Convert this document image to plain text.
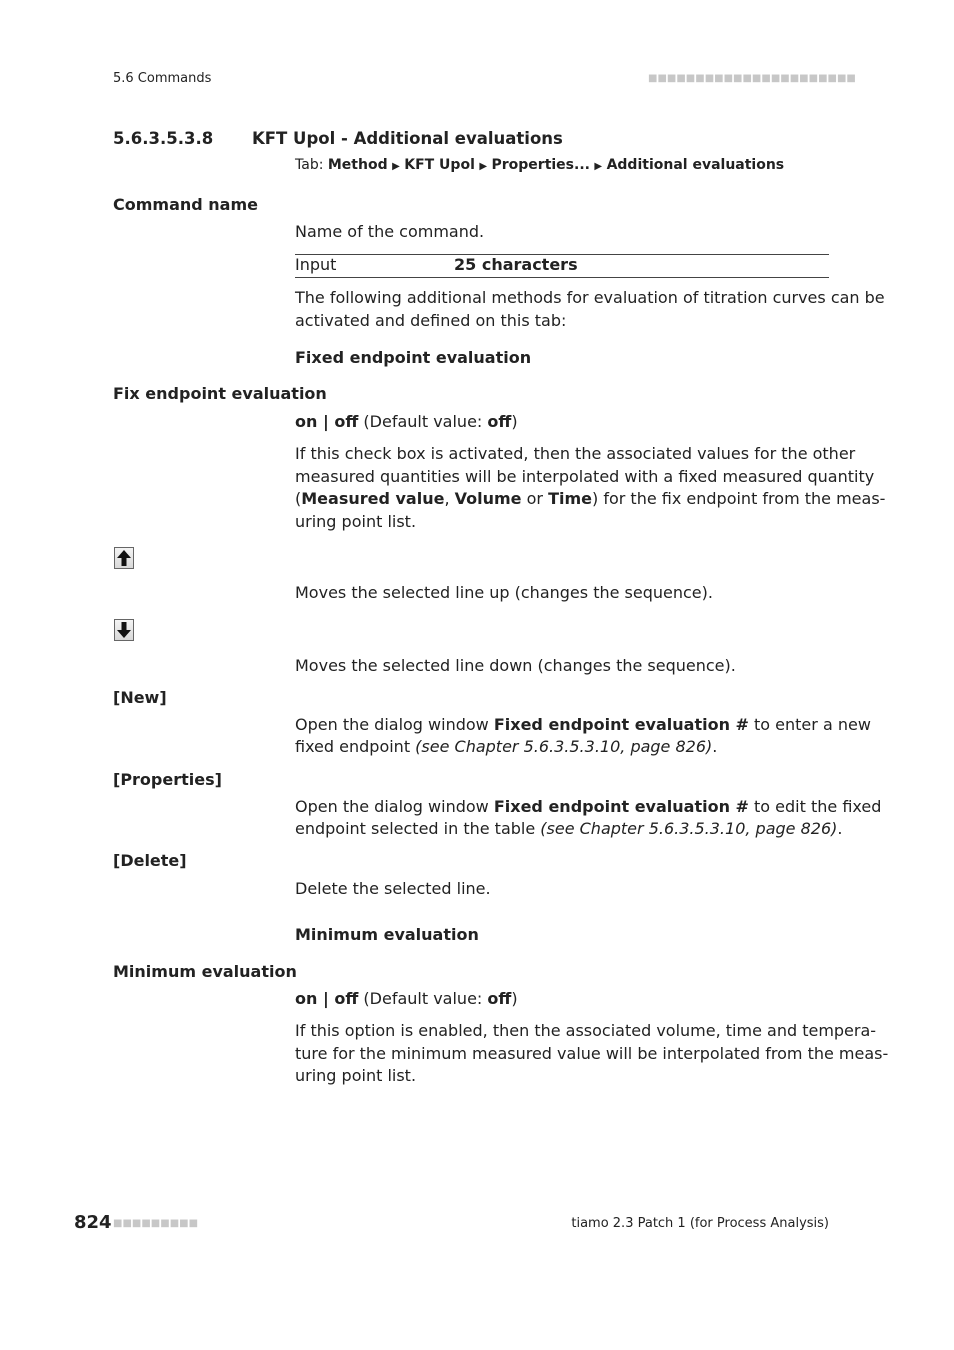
5.6 Commands	■■■■■■■■■■■■■■■■■■■■■■
5.6.3.5.3.8 KFT Upol - Additional evaluations
Tab: Method ▶ KFT Upol ▶ Properties... ▶ Additional evaluations
Command name
Name of the command.
Input	25 characters
The following additional methods for evaluation of titration curves can be
activated and defined on this tab:
Fixed endpoint evaluation
Fix endpoint evaluation
on | off (Default value: off)
If this check box is activated, then the associated values for the other
measured quantities will be interpolated with a fixed measured quantity
(Measured value, Volume or Time) for the fix endpoint from the meas-
uring point list.
Moves the selected line up (changes the sequence).
Moves the selected line down (changes the sequence).
[New]
Open the dialog window Fixed endpoint evaluation # to enter a new
fixed endpoint (see Chapter 5.6.3.5.3.10, page 826).
[Properties]
Open the dialog window Fixed endpoint evaluation # to edit the fixed
endpoint selected in the table (see Chapter 5.6.3.5.3.10, page 826).
[Delete]
Delete the selected line.
Minimum evaluation
Minimum evaluation
on | off (Default value: off)
If this option is enabled, then the associated volume, time and tempera-
ture for the minimum measured value will be interpolated from the meas-
uring point list.
824 ■■■■■■■■■	tiamo 2.3 Patch 1 (for Process Analysis)
